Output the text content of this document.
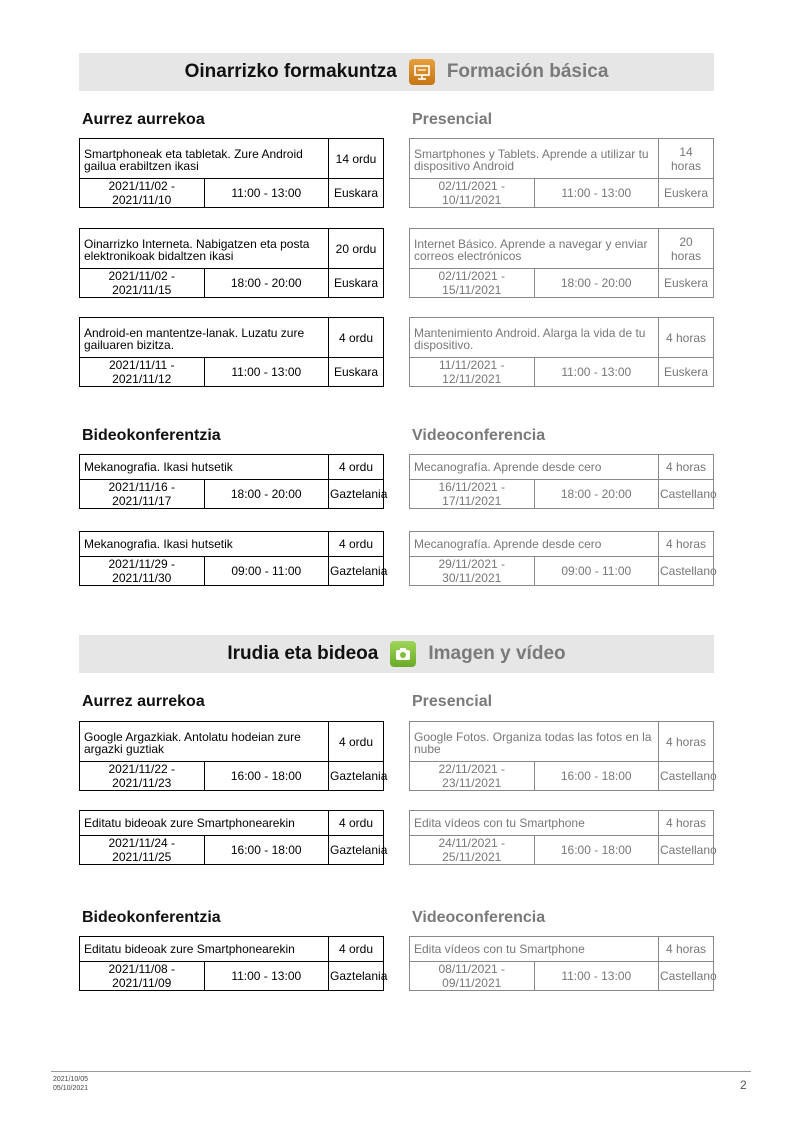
Oinarrizko formakuntza	Formación básica
Aurrez aurrekoa	Presencial
Smartphoneak eta tabletak. Zure Android gailua erabiltzen ikasi		14 ordu
2021/11/02 - 2021/11/10	11:00 - 13:00	Euskara
Smartphones y Tablets. Aprende a utilizar tu dispositivo Android		14 horas
02/11/2021 - 10/11/2021	11:00 - 13:00	Euskera
Oinarrizko Interneta. Nabigatzen eta posta elektronikoak bidaltzen ikasi		20 ordu
2021/11/02 - 2021/11/15	18:00 - 20:00	Euskara
Internet Básico. Aprende a navegar y enviar correos electrónicos		20 horas
02/11/2021 - 15/11/2021	18:00 - 20:00	Euskera
Android-en mantentze-lanak. Luzatu zure gailuaren bizitza.		4 ordu
2021/11/11 - 2021/11/12	11:00 - 13:00	Euskara
Mantenimiento Android. Alarga la vida de tu dispositivo.		4 horas
11/11/2021 - 12/11/2021	11:00 - 13:00	Euskera
Bideokonferentzia	Videoconferencia
Mekanografia. Ikasi hutsetik		4 ordu
2021/11/16 - 2021/11/17	18:00 - 20:00	Gaztelania
Mecanografía. Aprende desde cero		4 horas
16/11/2021 - 17/11/2021	18:00 - 20:00	Castellano
Mekanografia. Ikasi hutsetik		4 ordu
2021/11/29 - 2021/11/30	09:00 - 11:00	Gaztelania
Mecanografía. Aprende desde cero		4 horas
29/11/2021 - 30/11/2021	09:00 - 11:00	Castellano
Irudia eta bideoa	Imagen y vídeo
Aurrez aurrekoa	Presencial
Google Argazkiak. Antolatu hodeian zure argazki guztiak		4 ordu
2021/11/22 - 2021/11/23	16:00 - 18:00	Gaztelania
Google Fotos. Organiza todas las fotos en la nube		4 horas
22/11/2021 - 23/11/2021	16:00 - 18:00	Castellano
Editatu bideoak zure Smartphonearekin		4 ordu
2021/11/24 - 2021/11/25	16:00 - 18:00	Gaztelania
Edita vídeos con tu Smartphone		4 horas
24/11/2021 - 25/11/2021	16:00 - 18:00	Castellano
Bideokonferentzia	Videoconferencia
Editatu bideoak zure Smartphonearekin		4 ordu
2021/11/08 - 2021/11/09	11:00 - 13:00	Gaztelania
Edita vídeos con tu Smartphone		4 horas
08/11/2021 - 09/11/2021	11:00 - 13:00	Castellano
2021/10/05
05/10/2021	2
